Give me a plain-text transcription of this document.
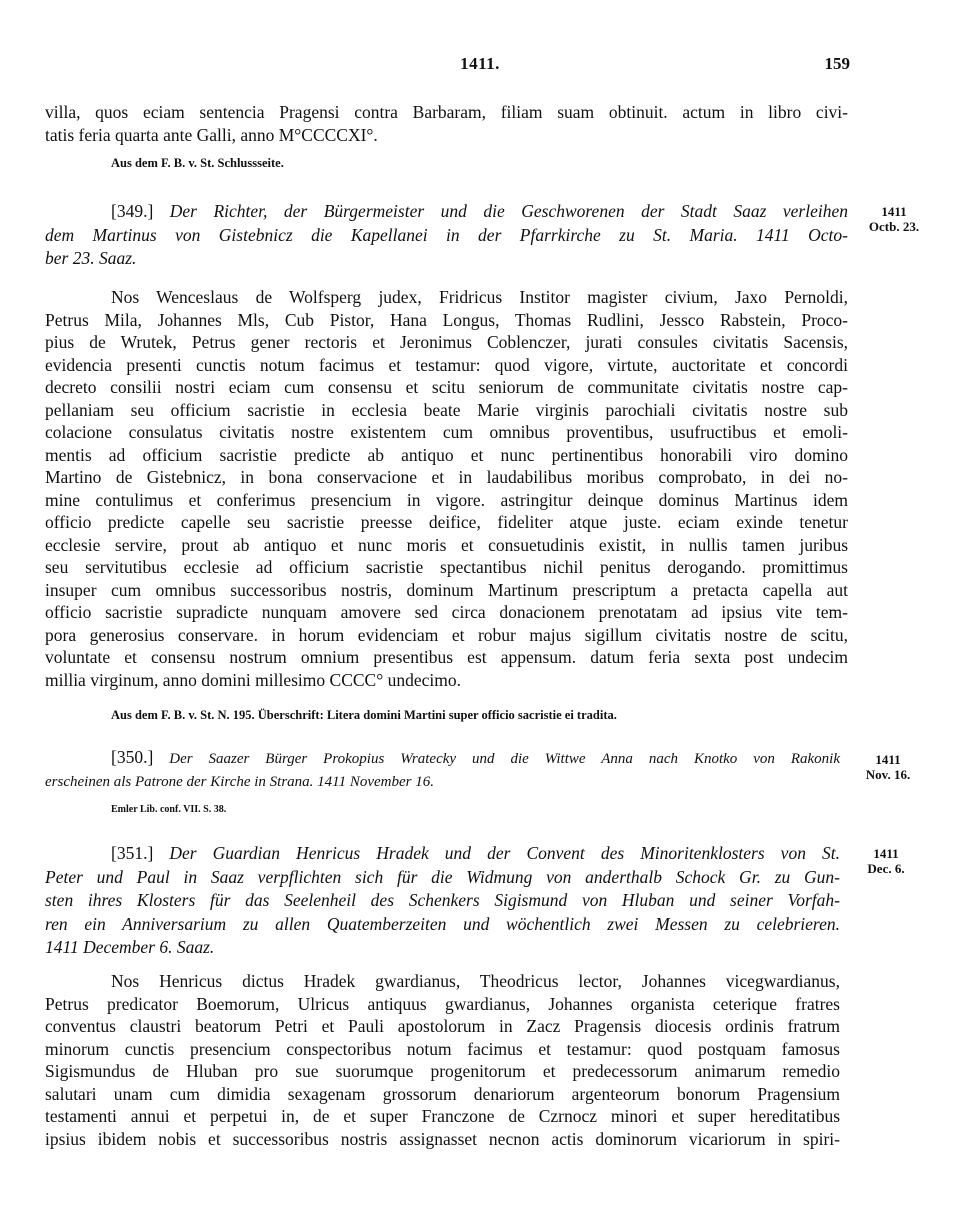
1411.	159
villa, quos eciam sentencia Pragensi contra Barbaram, filiam suam obtinuit. actum in libro civi-
tatis feria quarta ante Galli, anno M°CCCCXI°.
Aus dem F. B. v. St. Schlussseite.
1411
Octb. 23.
[349.] Der Richter, der Bürgermeister und die Geschworenen der Stadt Saaz verleihen
dem Martinus von Gistebnicz die Kapellanei in der Pfarrkirche zu St. Maria. 1411 Octo-
ber 23. Saaz.
Nos Wenceslaus de Wolfsperg judex, Fridricus Institor magister civium, Jaxo Pernoldi,
Petrus Mila, Johannes Mls, Cub Pistor, Hana Longus, Thomas Rudlini, Jessco Rabstein, Proco-
pius de Wrutek, Petrus gener rectoris et Jeronimus Coblenczer, jurati consules civitatis Sacensis,
evidencia presenti cunctis notum facimus et testamur: quod vigore, virtute, auctoritate et concordi
decreto consilii nostri eciam cum consensu et scitu seniorum de communitate civitatis nostre cap-
pellaniam seu officium sacristie in ecclesia beate Marie virginis parochiali civitatis nostre sub
colacione consulatus civitatis nostre existentem cum omnibus proventibus, usufructibus et emoli-
mentis ad officium sacristie predicte ab antiquo et nunc pertinentibus honorabili viro domino
Martino de Gistebnicz, in bona conservacione et in laudabilibus moribus comprobato, in dei no-
mine contulimus et conferimus presencium in vigore. astringitur deinque dominus Martinus idem
officio predicte capelle seu sacristie preesse deifice, fideliter atque juste. eciam exinde tenetur
ecclesie servire, prout ab antiquo et nunc moris et consuetudinis existit, in nullis tamen juribus
seu servitutibus ecclesie ad officium sacristie spectantibus nichil penitus derogando. promittimus
insuper cum omnibus successoribus nostris, dominum Martinum prescriptum a pretacta capella aut
officio sacristie supradicte nunquam amovere sed circa donacionem prenotatam ad ipsius vite tem-
pora generosius conservare. in horum evidenciam et robur majus sigillum civitatis nostre de scitu,
voluntate et consensu nostrum omnium presentibus est appensum. datum feria sexta post undecim
millia virginum, anno domini millesimo CCCC° undecimo.
Aus dem F. B. v. St. N. 195. Überschrift: Litera domini Martini super officio sacristie ei tradita.
1411
Nov. 16.
[350.] Der Saazer Bürger Prokopius Wratecky und die Wittwe Anna nach Knotko von Rakonik
erscheinen als Patrone der Kirche in Strana. 1411 November 16.
Emler Lib. conf. VII. S. 38.
1411
Dec. 6.
[351.] Der Guardian Henricus Hradek und der Convent des Minoritenklosters von St.
Peter und Paul in Saaz verpflichten sich für die Widmung von anderthalb Schock Gr. zu Gun-
sten ihres Klosters für das Seelenheil des Schenkers Sigismund von Hluban und seiner Vorfah-
ren ein Anniversarium zu allen Quatemberzeiten und wöchentlich zwei Messen zu celebrieren.
1411 December 6. Saaz.
Nos Henricus dictus Hradek gwardianus, Theodricus lector, Johannes vicegwardianus,
Petrus predicator Boemorum, Ulricus antiquus gwardianus, Johannes organista ceterique fratres
conventus claustri beatorum Petri et Pauli apostolorum in Zacz Pragensis diocesis ordinis fratrum
minorum cunctis presencium conspectoribus notum facimus et testamur: quod postquam famosus
Sigismundus de Hluban pro sue suorumque progenitorum et predecessorum animarum remedio
salutari unam cum dimidia sexagenam grossorum denariorum argenteorum bonorum Pragensium
testamenti annui et perpetui in, de et super Franczone de Czrnocz minori et super hereditatibus
ipsius ibidem nobis et successoribus nostris assignasset necnon actis dominorum vicariorum in spiri-
